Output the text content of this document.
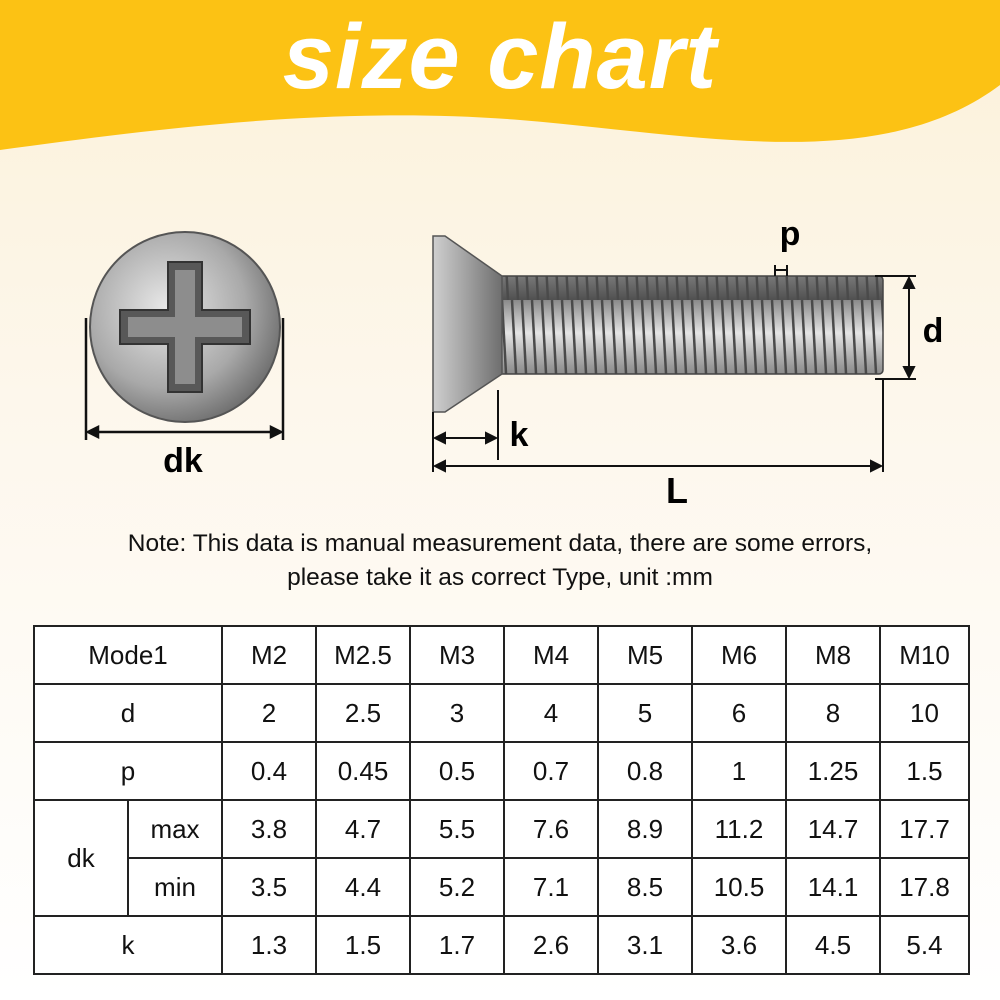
size chart
dk
p
d
k
L
Note: This data is manual measurement data, there are some errors,
please take it as correct Type, unit :mm
Mode1		M2	M2.5	M3	M4	M5	M6	M8	M10
d		2	2.5	3	4	5	6	8	10
p		0.4	0.45	0.5	0.7	0.8	1	1.25	1.5
dk	max	3.8	4.7	5.5	7.6	8.9	11.2	14.7	17.7
	min	3.5	4.4	5.2	7.1	8.5	10.5	14.1	17.8
k		1.3	1.5	1.7	2.6	3.1	3.6	4.5	5.4
